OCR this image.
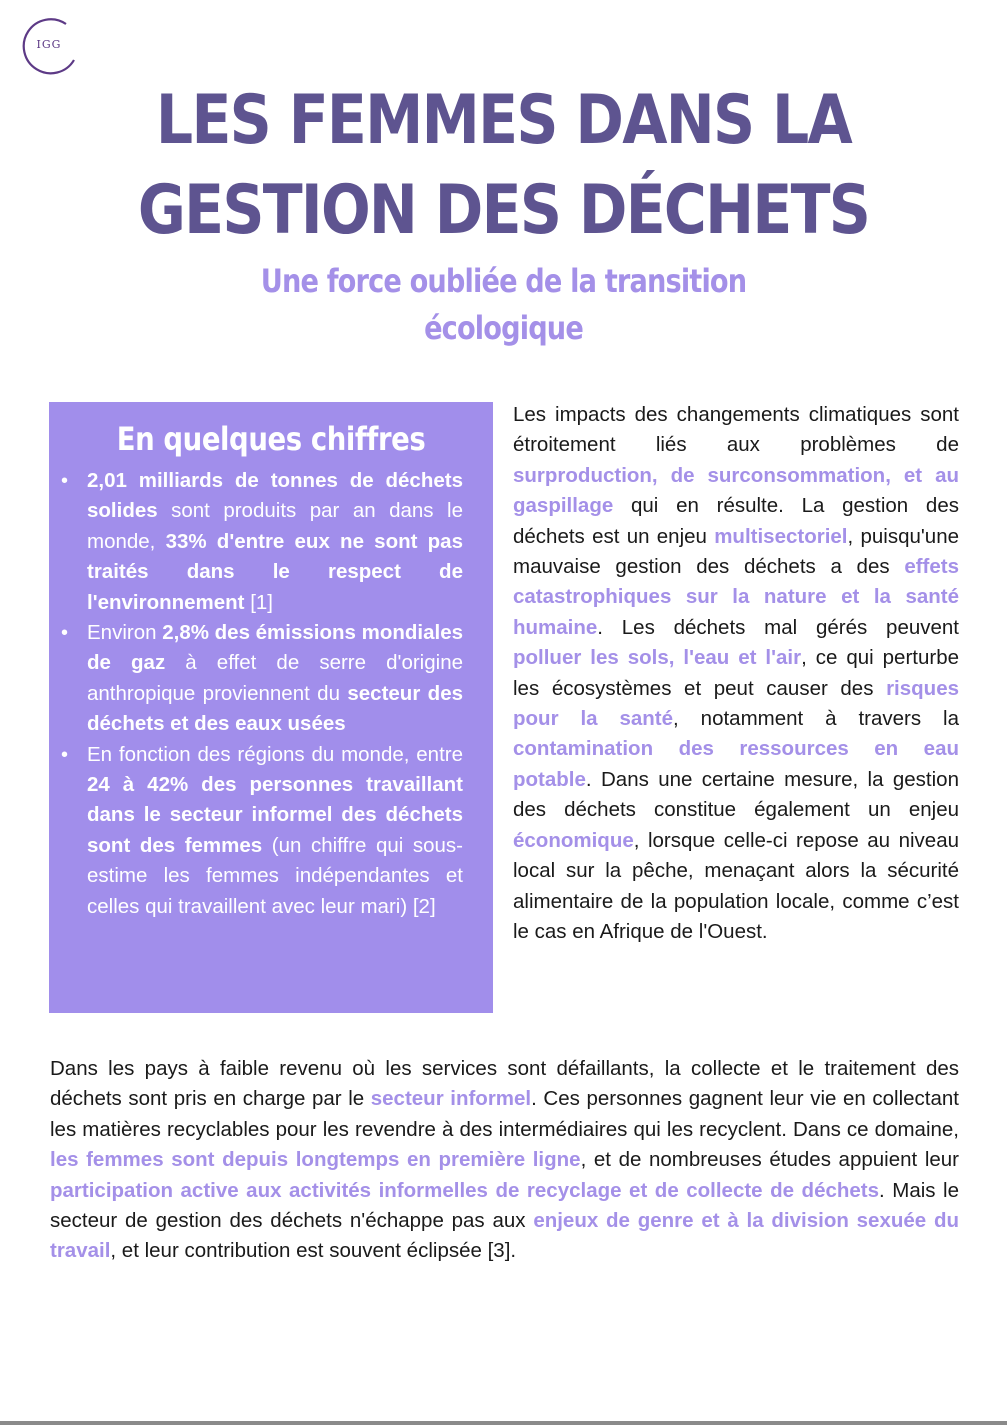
IGG
LES FEMMES DANS LA GESTION DES DÉCHETS

Une force oubliée de la transition écologique

En quelques chiffres
• 2,01 milliards de tonnes de déchets solides sont produits par an dans le monde, 33% d'entre eux ne sont pas traités dans le respect de l'environnement [1]
• Environ 2,8% des émissions mondiales de gaz à effet de serre d'origine anthropique proviennent du secteur des déchets et des eaux usées
• En fonction des régions du monde, entre 24 à 42% des personnes travaillant dans le secteur informel des déchets sont des femmes (un chiffre qui sous-estime les femmes indépendantes et celles qui travaillent avec leur mari) [2]

Les impacts des changements climatiques sont étroitement liés aux problèmes de surproduction, de surconsommation, et au gaspillage qui en résulte. La gestion des déchets est un enjeu multisectoriel, puisqu'une mauvaise gestion des déchets a des effets catastrophiques sur la nature et la santé humaine. Les déchets mal gérés peuvent polluer les sols, l'eau et l'air, ce qui perturbe les écosystèmes et peut causer des risques pour la santé, notamment à travers la contamination des ressources en eau potable. Dans une certaine mesure, la gestion des déchets constitue également un enjeu économique, lorsque celle-ci repose au niveau local sur la pêche, menaçant alors la sécurité alimentaire de la population locale, comme c’est le cas en Afrique de l'Ouest.

Dans les pays à faible revenu où les services sont défaillants, la collecte et le traitement des déchets sont pris en charge par le secteur informel. Ces personnes gagnent leur vie en collectant les matières recyclables pour les revendre à des intermédiaires qui les recyclent. Dans ce domaine, les femmes sont depuis longtemps en première ligne, et de nombreuses études appuient leur participation active aux activités informelles de recyclage et de collecte de déchets. Mais le secteur de gestion des déchets n'échappe pas aux enjeux de genre et à la division sexuée du travail, et leur contribution est souvent éclipsée [3].
